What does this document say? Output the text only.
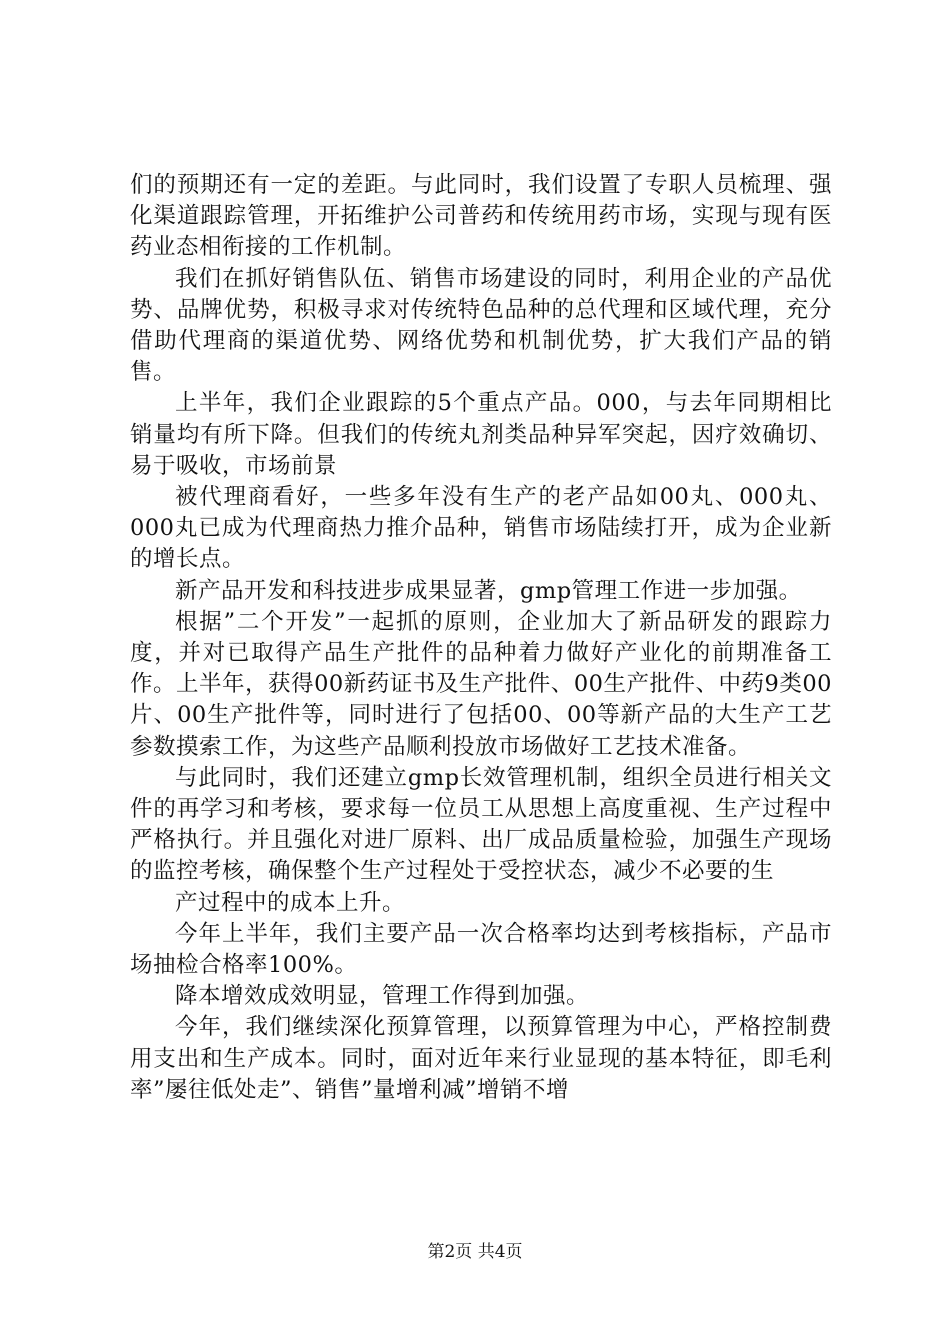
们的预期还有一定的差距。与此同时，我们设置了专职人员梳理、强化渠道跟踪管理，开拓维护公司普药和传统用药市场，实现与现有医药业态相衔接的工作机制。

我们在抓好销售队伍、销售市场建设的同时，利用企业的产品优势、品牌优势，积极寻求对传统特色品种的总代理和区域代理，充分借助代理商的渠道优势、网络优势和机制优势，扩大我们产品的销售。

上半年，我们企业跟踪的5个重点产品。000，与去年同期相比销量均有所下降。但我们的传统丸剂类品种异军突起，因疗效确切、易于吸收，市场前景

被代理商看好，一些多年没有生产的老产品如00丸、000丸、000丸已成为代理商热力推介品种，销售市场陆续打开，成为企业新的增长点。

新产品开发和科技进步成果显著，gmp管理工作进一步加强。

根据”二个开发”一起抓的原则，企业加大了新品研发的跟踪力度，并对已取得产品生产批件的品种着力做好产业化的前期准备工作。上半年，获得00新药证书及生产批件、00生产批件、中药9类00片、00生产批件等，同时进行了包括00、00等新产品的大生产工艺参数摸索工作，为这些产品顺利投放市场做好工艺技术准备。

与此同时，我们还建立gmp长效管理机制，组织全员进行相关文件的再学习和考核，要求每一位员工从思想上高度重视、生产过程中严格执行。并且强化对进厂原料、出厂成品质量检验，加强生产现场的监控考核，确保整个生产过程处于受控状态，减少不必要的生

产过程中的成本上升。

今年上半年，我们主要产品一次合格率均达到考核指标，产品市场抽检合格率100%。

降本增效成效明显，管理工作得到加强。

今年，我们继续深化预算管理，以预算管理为中心，严格控制费用支出和生产成本。同时，面对近年来行业显现的基本特征，即毛利率”屡往低处走”、销售”量增利减”增销不增

第2页 共4页
